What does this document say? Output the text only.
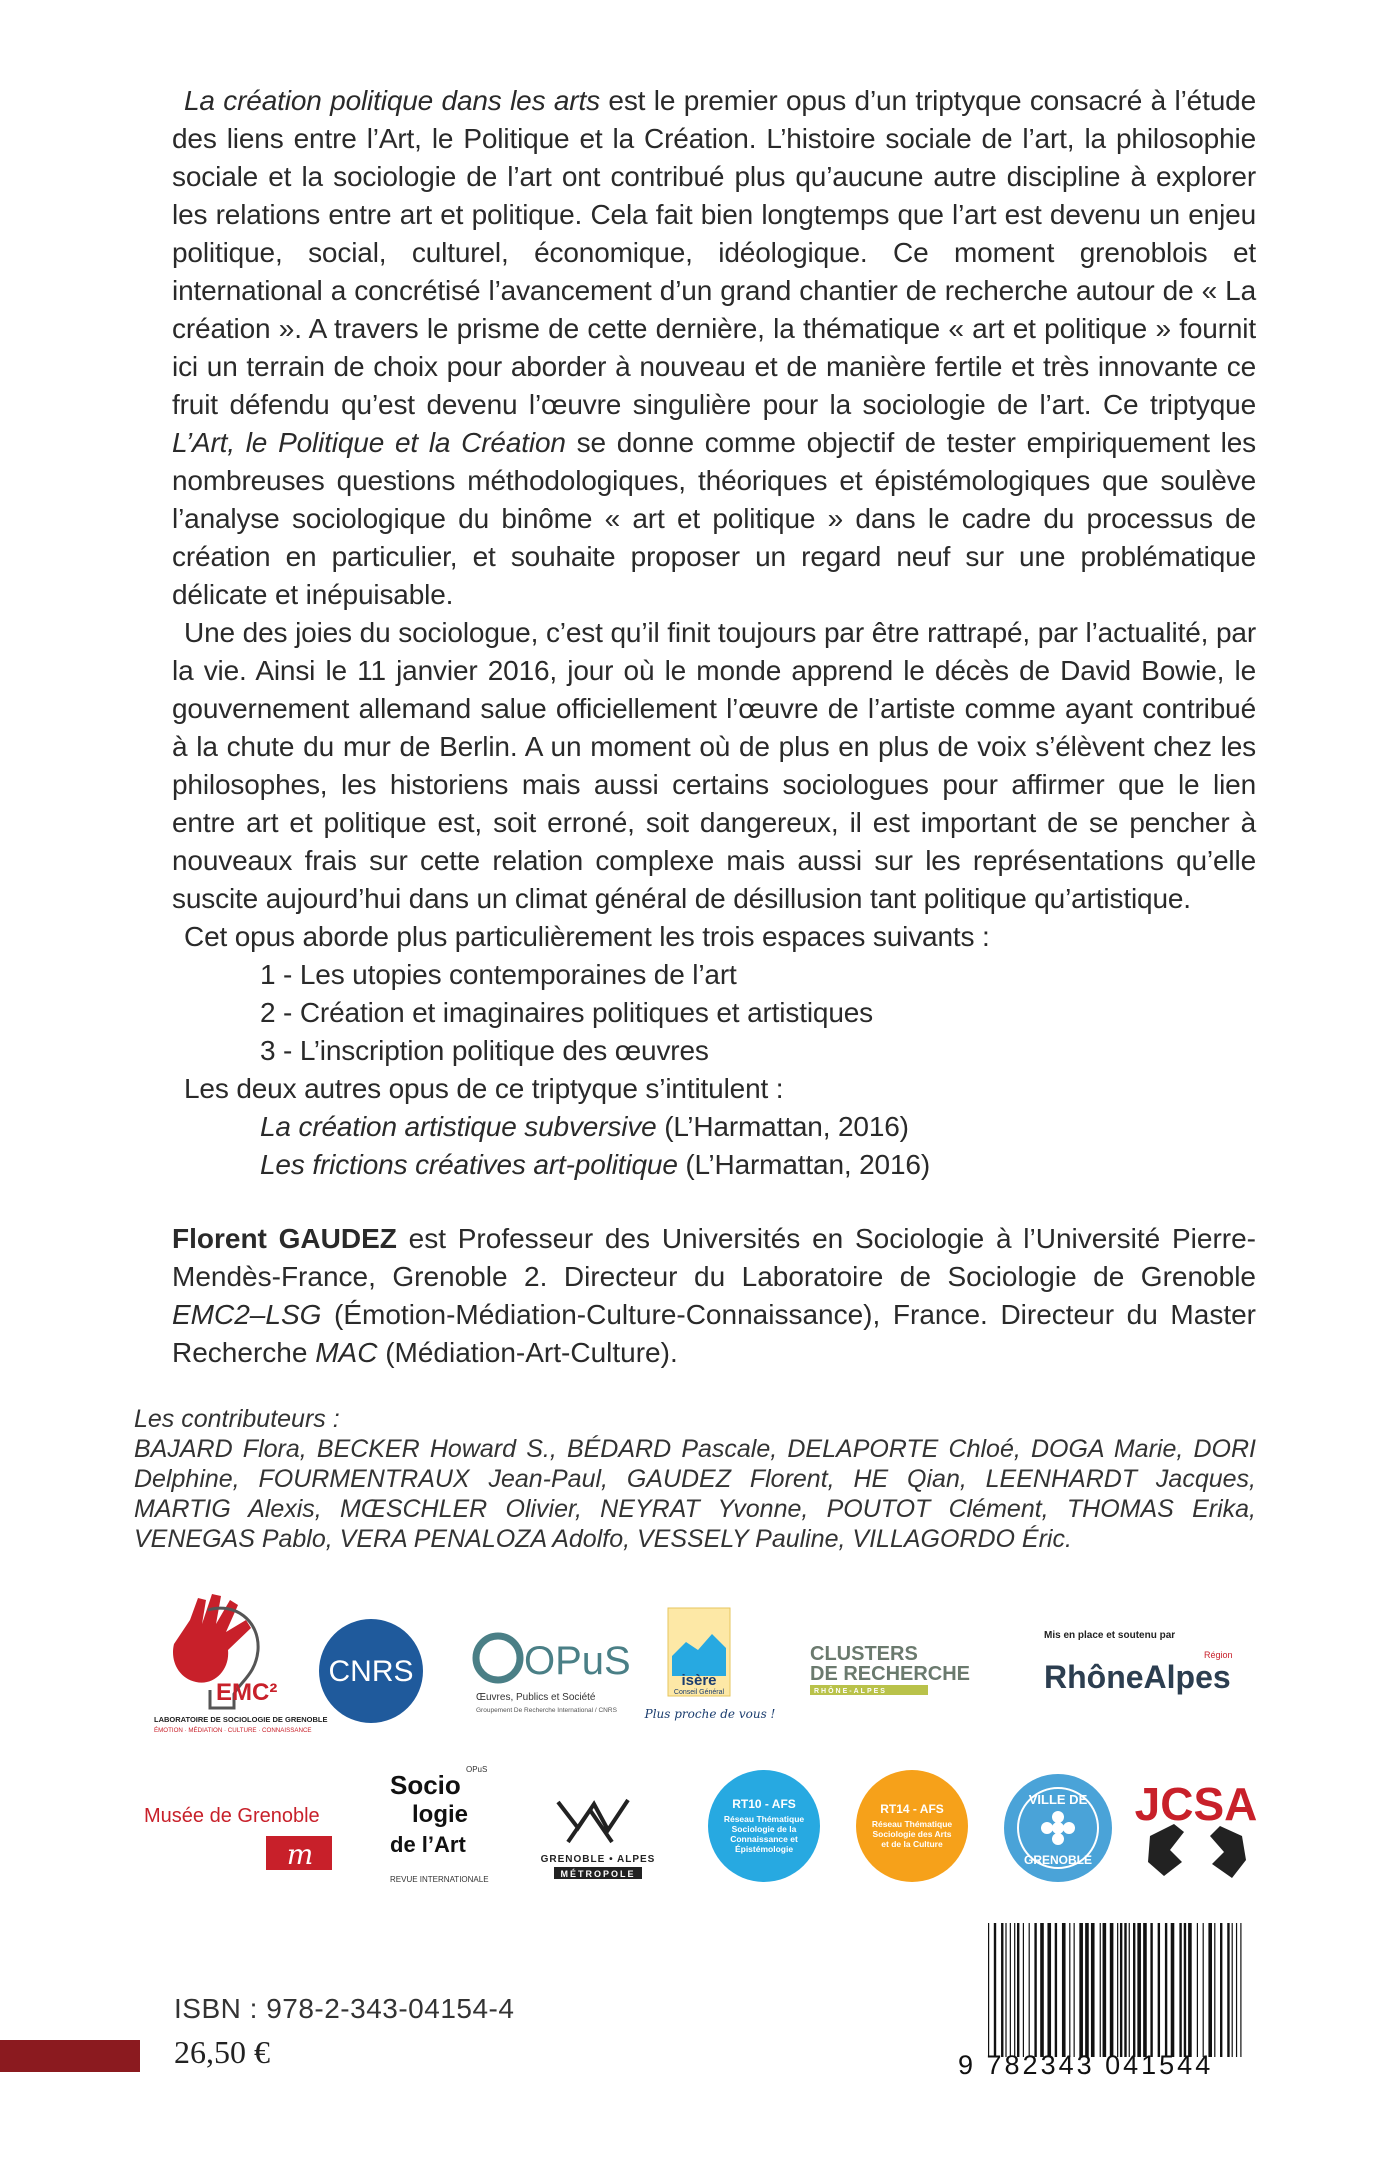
La création politique dans les arts est le premier opus d’un triptyque consacré à l’étude des liens entre l’Art, le Politique et la Création. L’histoire sociale de l’art, la philosophie sociale et la sociologie de l’art ont contribué plus qu’aucune autre discipline à explorer les relations entre art et politique. Cela fait bien longtemps que l’art est devenu un enjeu politique, social, culturel, économique, idéologique. Ce moment grenoblois et international a concrétisé l’avancement d’un grand chantier de recherche autour de « La création ». A travers le prisme de cette dernière, la thématique « art et politique » fournit ici un terrain de choix pour aborder à nouveau et de manière fertile et très innovante ce fruit défendu qu’est devenu l’œuvre singulière pour la sociologie de l’art. Ce triptyque L’Art, le Politique et la Création se donne comme objectif de tester empiriquement les nombreuses questions méthodologiques, théoriques et épistémologiques que soulève l’analyse sociologique du binôme « art et politique » dans le cadre du processus de création en particulier, et souhaite proposer un regard neuf sur une problématique délicate et inépuisable.

Une des joies du sociologue, c’est qu’il finit toujours par être rattrapé, par l’actualité, par la vie. Ainsi le 11 janvier 2016, jour où le monde apprend le décès de David Bowie, le gouvernement allemand salue officiellement l’œuvre de l’artiste comme ayant contribué à la chute du mur de Berlin. A un moment où de plus en plus de voix s’élèvent chez les philosophes, les historiens mais aussi certains sociologues pour affirmer que le lien entre art et politique est, soit erroné, soit dangereux, il est important de se pencher à nouveaux frais sur cette relation complexe mais aussi sur les représentations qu’elle suscite aujourd’hui dans un climat général de désillusion tant politique qu’artistique.

Cet opus aborde plus particulièrement les trois espaces suivants :
1 - Les utopies contemporaines de l’art
2 - Création et imaginaires politiques et artistiques
3 - L’inscription politique des œuvres
Les deux autres opus de ce triptyque s’intitulent :
La création artistique subversive (L’Harmattan, 2016)
Les frictions créatives art-politique (L’Harmattan, 2016)
Florent GAUDEZ est Professeur des Universités en Sociologie à l’Université Pierre-Mendès-France, Grenoble 2. Directeur du Laboratoire de Sociologie de Grenoble EMC2–LSG (Émotion-Médiation-Culture-Connaissance), France. Directeur du Master Recherche MAC (Médiation-Art-Culture).
Les contributeurs :
BAJARD Flora, BECKER Howard S., BÉDARD Pascale, DELAPORTE Chloé, DOGA Marie, DORI Delphine, FOURMENTRAUX Jean-Paul, GAUDEZ Florent, HE Qian, LEENHARDT Jacques, MARTIG Alexis, MŒSCHLER Olivier, NEYRAT Yvonne, POUTOT Clément, THOMAS Erika, VENEGAS Pablo, VERA PENALOZA Adolfo, VESSELY Pauline, VILLAGORDO Éric.
EMC²
LABORATOIRE DE SOCIOLOGIE DE GRENOBLE
ÉMOTION · MÉDIATION · CULTURE · CONNAISSANCE
CNRS	OPuS
Œuvres, Publics et Société
Groupement De Recherche International / CNRS
isère
Conseil Général
Plus proche de vous !
CLUSTERS
DE RECHERCHE
RHÔNE-ALPES
Mis en place et soutenu par
Région
RhôneAlpes
Musée de Grenoble
m
Socio
logie
de l’Art
OPuS
REVUE INTERNATIONALE
GRENOBLE • ALPES
MÉTROPOLE
RT10 - AFS
Réseau Thématique Sociologie de la Connaissance et Épistémologie
RT14 - AFS
Réseau Thématique Sociologie des Arts et de la Culture
VILLE DE
GRENOBLE
JCSA
ISBN : 978-2-343-04154-4
26,50 €	9 782343 041544
